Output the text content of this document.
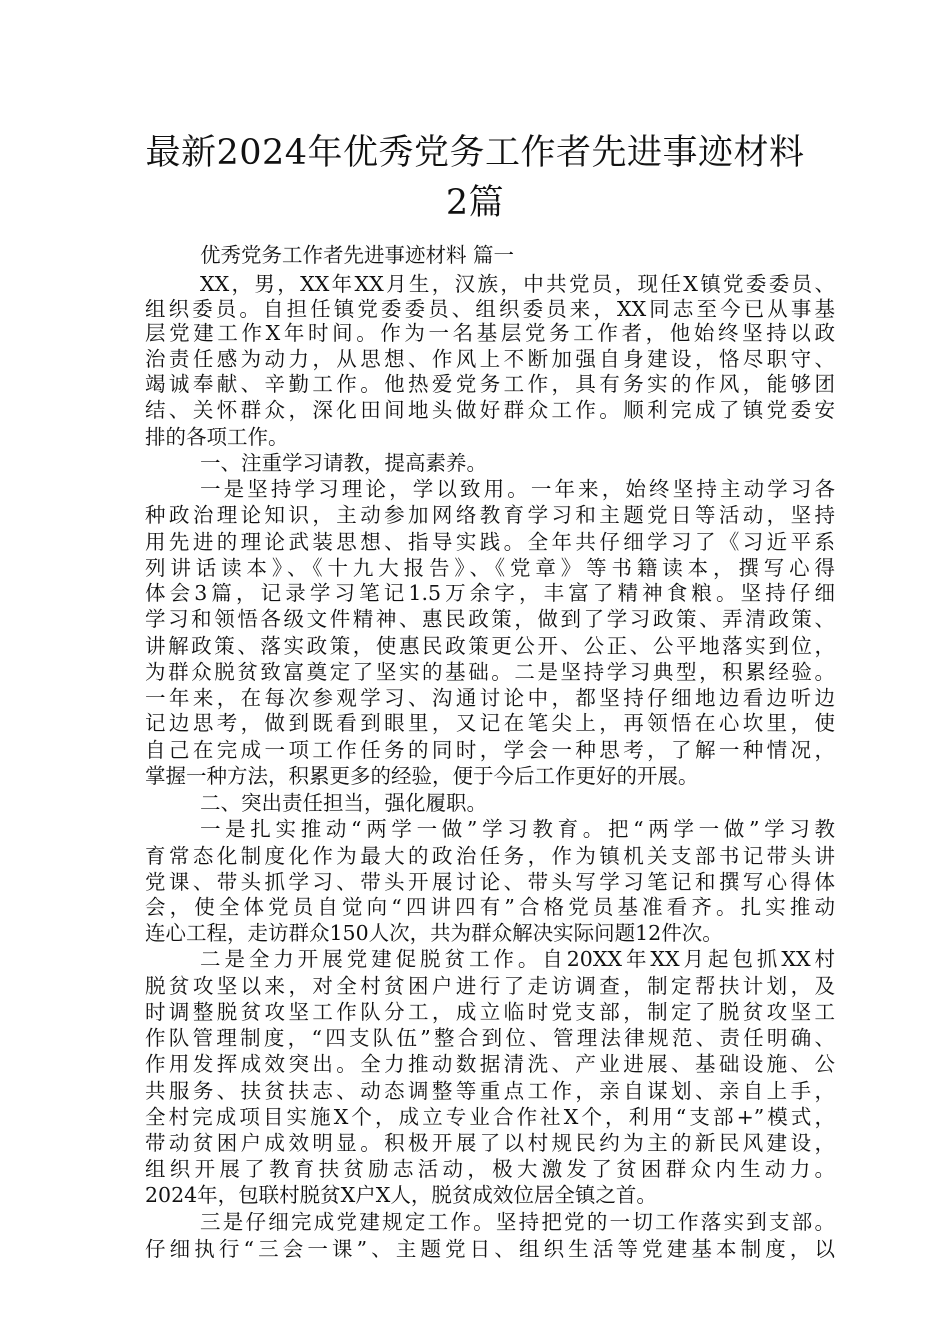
最新2024年优秀党务工作者先进事迹材料
2篇
优秀党务工作者先进事迹材料 篇一
XX，男，XX年XX月生，汉族，中共党员，现任X镇党委委员、
组织委员。自担任镇党委委员、组织委员来，XX同志至今已从事基
层党建工作X年时间。作为一名基层党务工作者，他始终坚持以政
治责任感为动力，从思想、作风上不断加强自身建设，恪尽职守、
竭诚奉献、辛勤工作。他热爱党务工作，具有务实的作风，能够团
结、关怀群众，深化田间地头做好群众工作。顺利完成了镇党委安
排的各项工作。
一、注重学习请教，提高素养。
一是坚持学习理论，学以致用。一年来，始终坚持主动学习各
种政治理论知识，主动参加网络教育学习和主题党日等活动，坚持
用先进的理论武装思想、指导实践。全年共仔细学习了《习近平系
列讲话读本》、《十九大报告》、《党章》等书籍读本，撰写心得
体会3篇，记录学习笔记1.5万余字，丰富了精神食粮。坚持仔细
学习和领悟各级文件精神、惠民政策，做到了学习政策、弄清政策、
讲解政策、落实政策，使惠民政策更公开、公正、公平地落实到位，
为群众脱贫致富奠定了坚实的基础。二是坚持学习典型，积累经验。
一年来，在每次参观学习、沟通讨论中，都坚持仔细地边看边听边
记边思考，做到既看到眼里，又记在笔尖上，再领悟在心坎里，使
自己在完成一项工作任务的同时，学会一种思考，了解一种情况，
掌握一种方法，积累更多的经验，便于今后工作更好的开展。
二、突出责任担当，强化履职。
一是扎实推动“两学一做”学习教育。把“两学一做”学习教
育常态化制度化作为最大的政治任务，作为镇机关支部书记带头讲
党课、带头抓学习、带头开展讨论、带头写学习笔记和撰写心得体
会，使全体党员自觉向“四讲四有”合格党员基准看齐。扎实推动
连心工程，走访群众150人次，共为群众解决实际问题12件次。
二是全力开展党建促脱贫工作。自20XX年XX月起包抓XX村
脱贫攻坚以来，对全村贫困户进行了走访调查，制定帮扶计划，及
时调整脱贫攻坚工作队分工，成立临时党支部，制定了脱贫攻坚工
作队管理制度，“四支队伍”整合到位、管理法律规范、责任明确、
作用发挥成效突出。全力推动数据清洗、产业进展、基础设施、公
共服务、扶贫扶志、动态调整等重点工作，亲自谋划、亲自上手，
全村完成项目实施X个，成立专业合作社X个，利用“支部+”模式，
带动贫困户成效明显。积极开展了以村规民约为主的新民风建设，
组织开展了教育扶贫励志活动，极大激发了贫困群众内生动力。
2024年，包联村脱贫X户X人，脱贫成效位居全镇之首。
三是仔细完成党建规定工作。坚持把党的一切工作落实到支部。
仔细执行“三会一课”、主题党日、组织生活等党建基本制度，以
